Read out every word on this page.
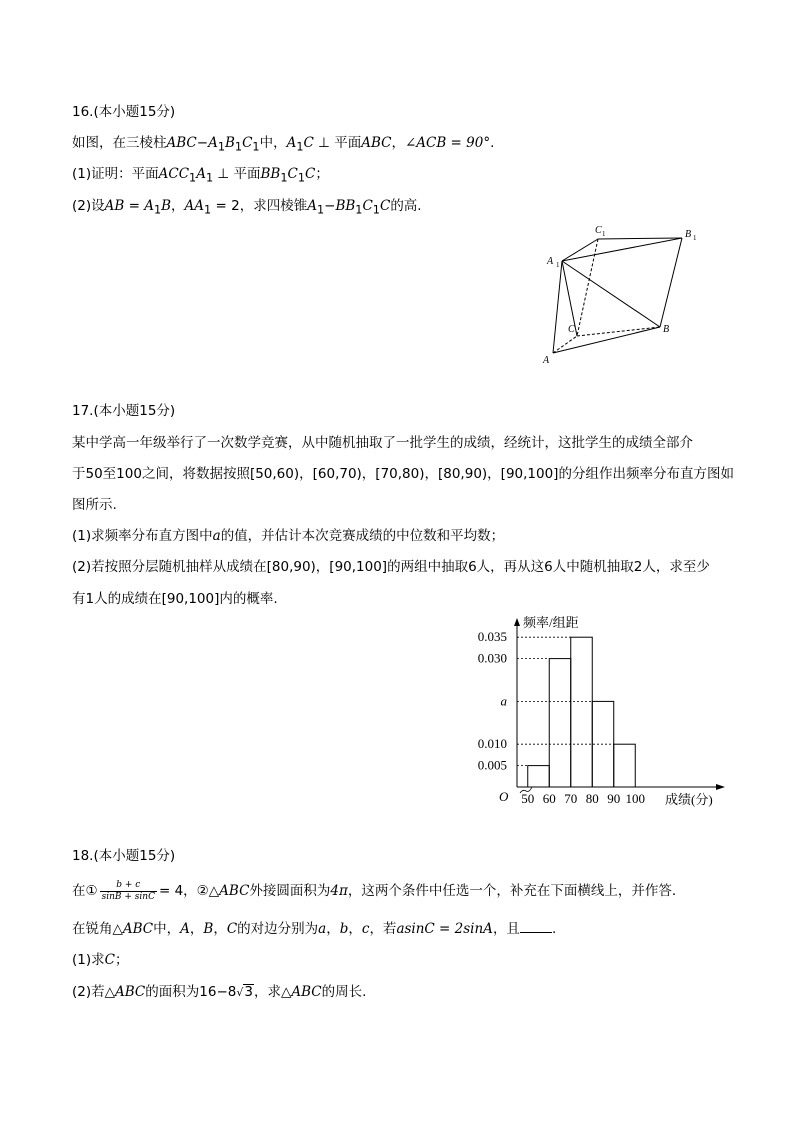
16.(本小题15分)
如图，在三棱柱$ABC-A_1B_1C_1$中，$A_1C$ ⊥ 平面ABC，∠ACB = 90°.
(1)证明：平面$ACC_1A_1$ ⊥ 平面$BB_1C_1C$；
(2)设AB = $A_1B$，$AA_1 = 2$，求四棱锥$A_1-BB_1C_1C$的高.
A
B
C
A 1
B 1
C 1
17.(本小题15分)
某中学高一年级举行了一次数学竞赛，从中随机抽取了一批学生的成绩，经统计，这批学生的成绩全部介
于50至100之间，将数据按照[50,60)，[60,70)，[70,80)，[80,90)，[90,100]的分组作出频率分布直方图如
图所示.
(1)求频率分布直方图中a的值，并估计本次竞赛成绩的中位数和平均数；
(2)若按照分层随机抽样从成绩在[80,90)，[90,100]的两组中抽取6人，再从这6人中随机抽取2人，求至少
有1人的成绩在[90,100]内的概率.
0.035
0.030
a
0.010
0.005
50 60 70 80 90 100
O
频率/组距
成绩(分)
18.(本小题15分)
在① $\frac{b + c}{\sin B + \sin C} = 4$，②△ABC外接圆面积为4π，这两个条件中任选一个，补充在下面横线上，并作答.
在锐角△ABC中，A，B，C的对边分别为a，b，c，若asinC = 2sinA，且 .
(1)求C；
(2)若△ABC的面积为16−8√3，求△ABC的周长.
